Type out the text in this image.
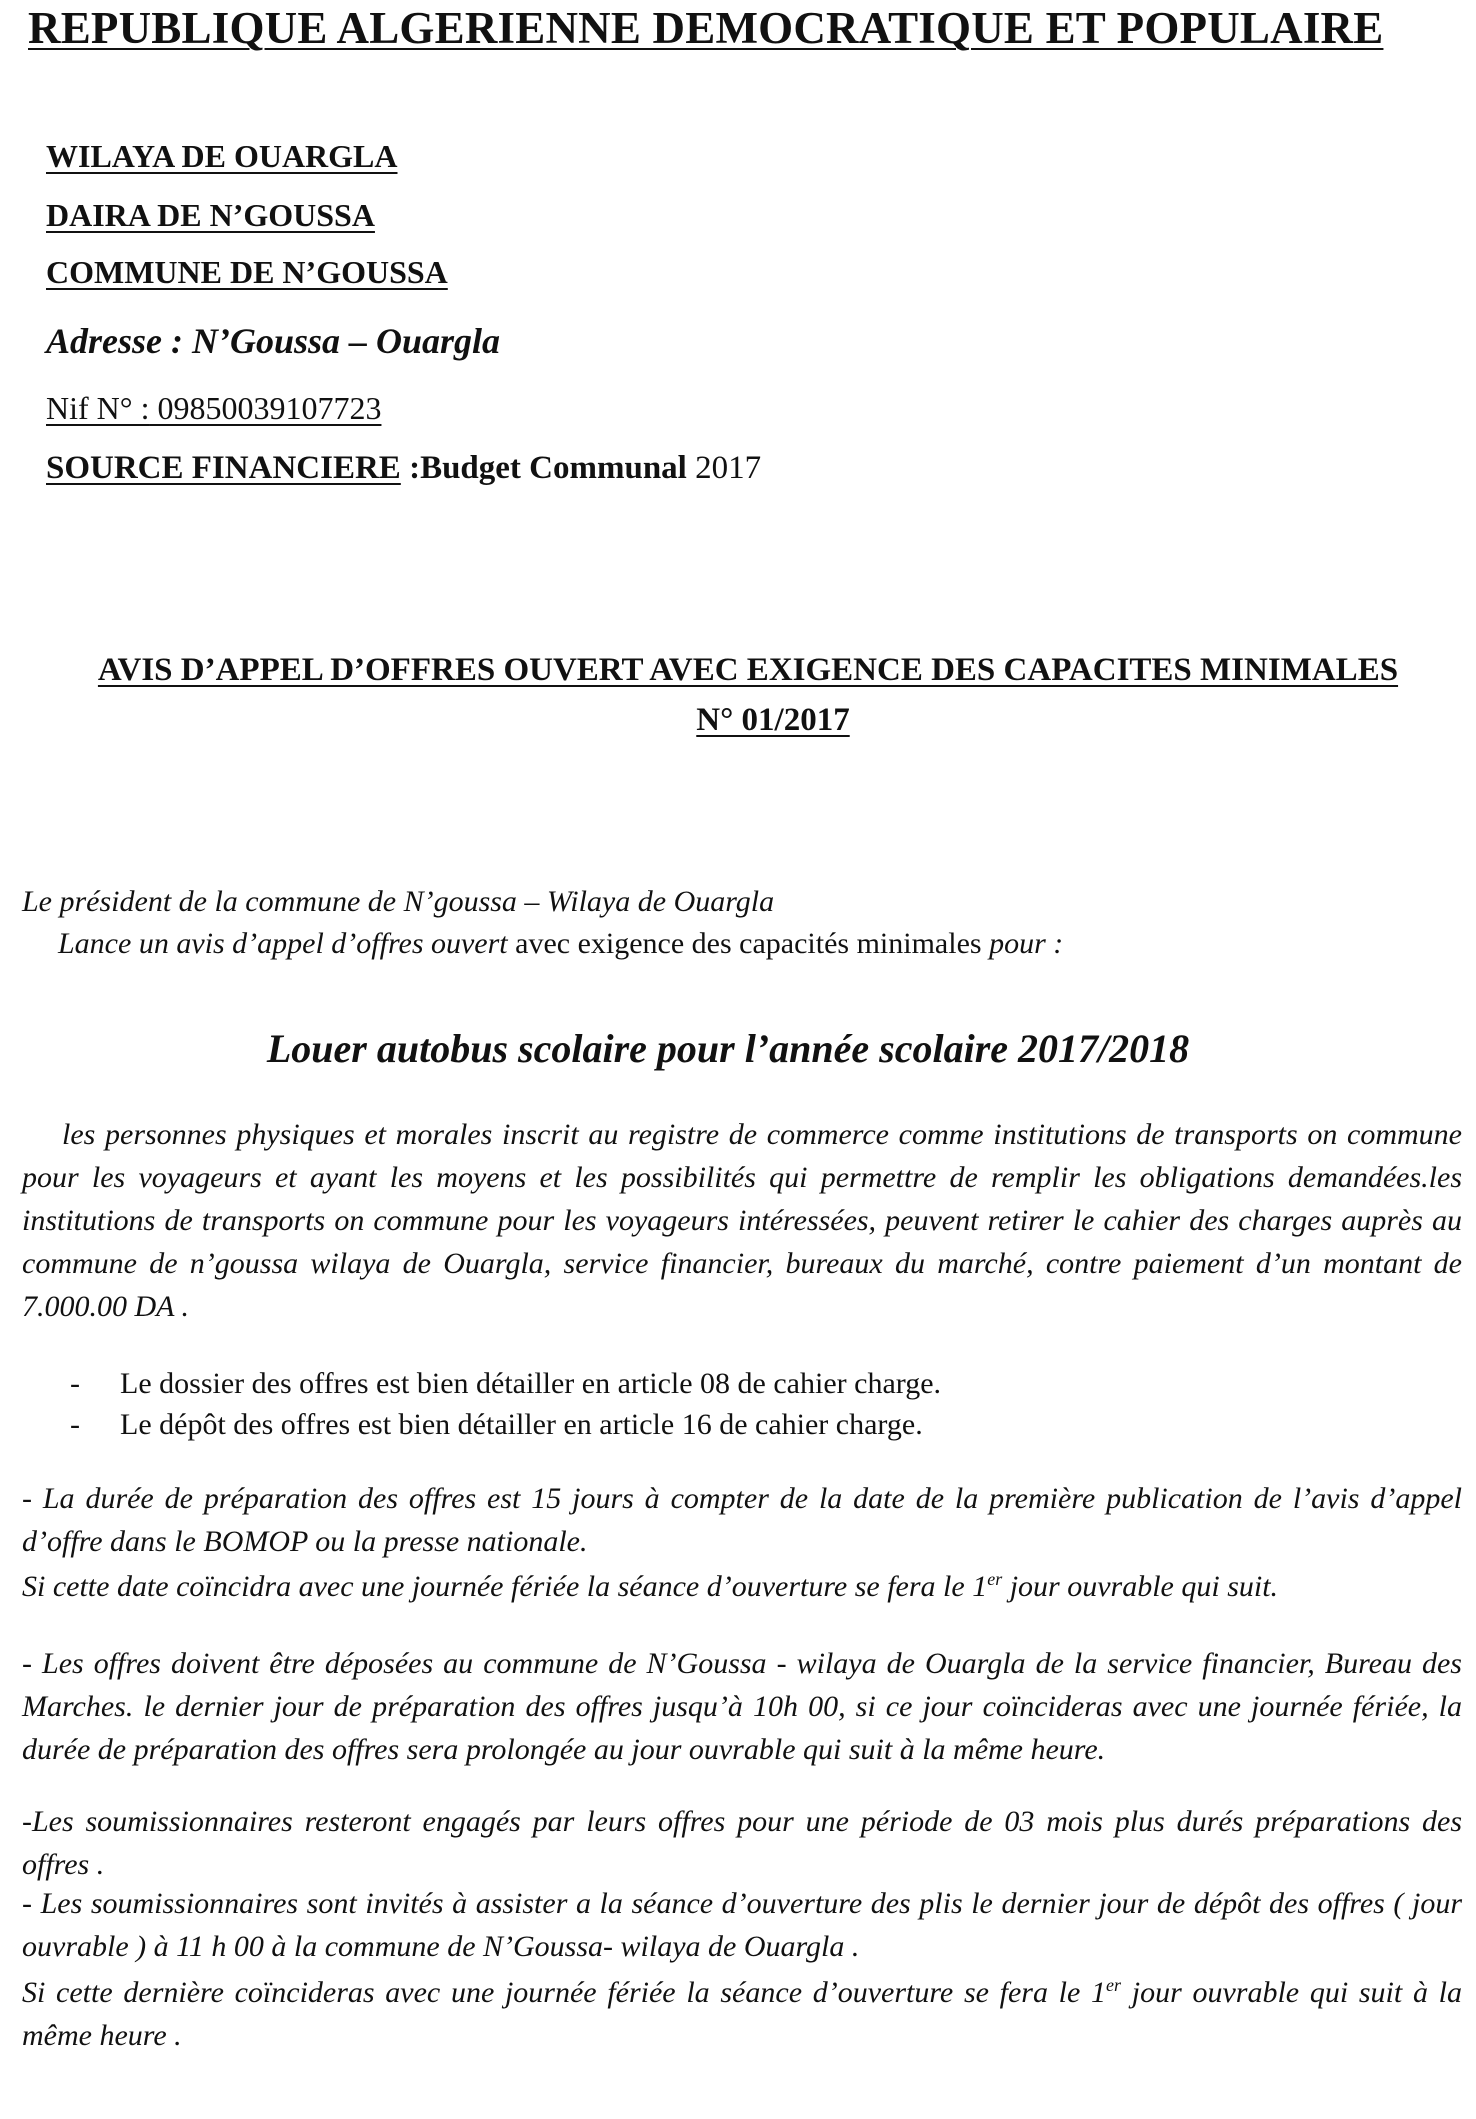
REPUBLIQUE ALGERIENNE DEMOCRATIQUE ET POPULAIRE
WILAYA DE OUARGLA
DAIRA DE N’GOUSSA
COMMUNE DE N’GOUSSA
Adresse : N’Goussa – Ouargla
Nif N° : 09850039107723
SOURCE FINANCIERE :Budget Communal 2017
AVIS D’APPEL D’OFFRES OUVERT AVEC EXIGENCE DES CAPACITES MINIMALES
N° 01/2017
Le président de la commune de N’goussa – Wilaya de Ouargla
Lance un avis d’appel d’offres ouvert avec exigence des capacités minimales pour :
Louer autobus scolaire pour l’année scolaire 2017/2018
les personnes physiques et morales inscrit au registre de commerce comme institutions de transports on commune pour les voyageurs et ayant les moyens et les possibilités qui permettre de remplir les obligations demandées.les institutions de transports on commune pour les voyageurs intéressées, peuvent retirer le cahier des charges auprès au commune de n’goussa wilaya de Ouargla, service financier, bureaux du marché, contre paiement d’un montant de 7.000.00 DA .
- Le dossier des offres est bien détailler en article 08 de cahier charge.
- Le dépôt des offres est bien détailler en article 16 de cahier charge.
- La durée de préparation des offres est 15 jours à compter de la date de la première publication de l’avis d’appel d’offre dans le BOMOP ou la presse nationale.
Si cette date coïncidra avec une journée fériée la séance d’ouverture se fera le 1er jour ouvrable qui suit.
- Les offres doivent être déposées au commune de N’Goussa - wilaya de Ouargla de la service financier, Bureau des Marches. le dernier jour de préparation des offres jusqu’à 10h 00, si ce jour coïncideras avec une journée fériée, la durée de préparation des offres sera prolongée au jour ouvrable qui suit à la même heure.
-Les soumissionnaires resteront engagés par leurs offres pour une période de 03 mois plus durés préparations des offres .
- Les soumissionnaires sont invités à assister a la séance d’ouverture des plis le dernier jour de dépôt des offres ( jour ouvrable ) à 11 h 00 à la commune de N’Goussa- wilaya de Ouargla .
Si cette dernière coïncideras avec une journée fériée la séance d’ouverture se fera le 1er jour ouvrable qui suit à la même heure .
